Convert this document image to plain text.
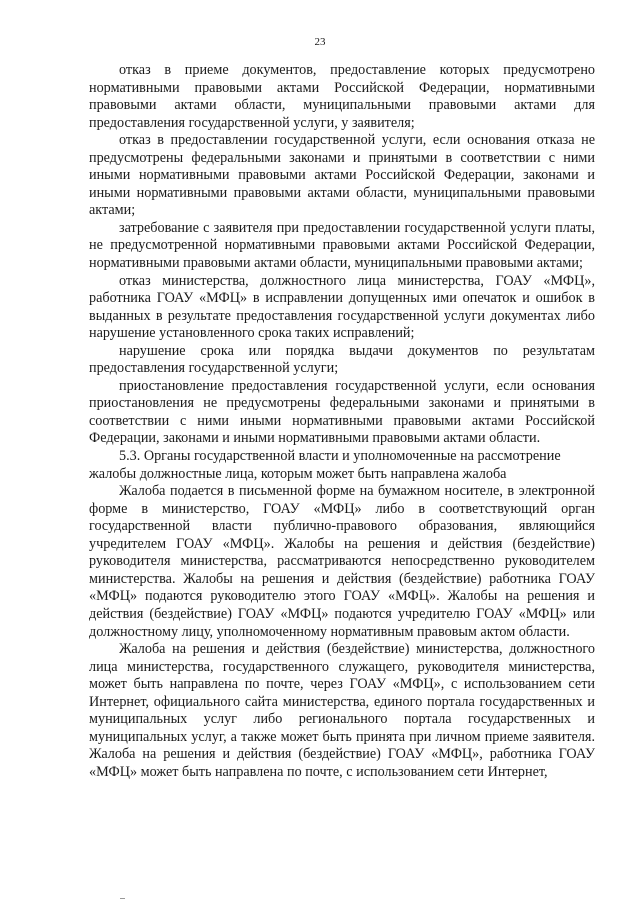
23

отказ в приеме документов, предоставление которых предусмотрено нормативными правовыми актами Российской Федерации, нормативными правовыми актами области, муниципальными правовыми актами для предоставления государственной услуги, у заявителя;

отказ в предоставлении государственной услуги, если основания отказа не предусмотрены федеральными законами и принятыми в соответствии с ними иными нормативными правовыми актами Российской Федерации, законами и иными нормативными правовыми актами области, муниципальными правовыми актами;

затребование с заявителя при предоставлении государственной услуги платы, не предусмотренной нормативными правовыми актами Российской Федерации, нормативными правовыми актами области, муниципальными правовыми актами;

отказ министерства, должностного лица министерства, ГОАУ «МФЦ», работника ГОАУ «МФЦ» в исправлении допущенных ими опечаток и ошибок в выданных в результате предоставления государственной услуги документах либо нарушение установленного срока таких исправлений;

нарушение срока или порядка выдачи документов по результатам предоставления государственной услуги;

приостановление предоставления государственной услуги, если основания приостановления не предусмотрены федеральными законами и принятыми в соответствии с ними иными нормативными правовыми актами Российской Федерации, законами и иными нормативными правовыми актами области.

5.3. Органы государственной власти и уполномоченные на рассмотрение жалобы должностные лица, которым может быть направлена жалоба

Жалоба подается в письменной форме на бумажном носителе, в электронной форме в министерство, ГОАУ «МФЦ» либо в соответствующий орган государственной власти публично-правового образования, являющийся учредителем ГОАУ «МФЦ». Жалобы на решения и действия (бездействие) руководителя министерства, рассматриваются непосредственно руководителем министерства. Жалобы на решения и действия (бездействие) работника ГОАУ «МФЦ» подаются руководителю этого ГОАУ «МФЦ». Жалобы на решения и действия (бездействие) ГОАУ «МФЦ» подаются учредителю ГОАУ «МФЦ» или должностному лицу, уполномоченному нормативным правовым актом области.

Жалоба на решения и действия (бездействие) министерства, должностного лица министерства, государственного служащего, руководителя министерства, может быть направлена по почте, через ГОАУ «МФЦ», с использованием сети Интернет, официального сайта министерства, единого портала государственных и муниципальных услуг либо регионального портала государственных и муниципальных услуг, а также может быть принята при личном приеме заявителя. Жалоба на решения и действия (бездействие) ГОАУ «МФЦ», работника ГОАУ «МФЦ» может быть направлена по почте, с использованием сети Интернет,
